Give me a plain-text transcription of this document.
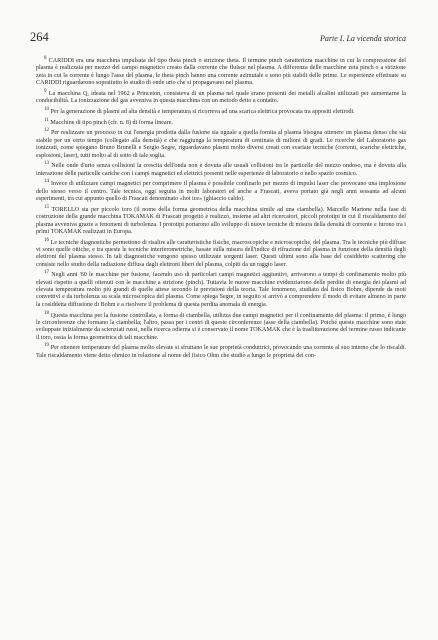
264	Parte I. La vicenda storica

$^8$ CARIDDI era una macchina impulsata del tipo theta pinch o strizione theta. Il termine pinch caratterizza macchine in cui la compressione del plasma è realizzata per mezzo del campo magnetico creato dalla corrente che fluisce nel plasma. A differenza delle macchine zeta pinch o a strizione zeta in cui la corrente è lungo l'asse del plasma, le theta pinch hanno una corrente azimutale e sono più stabili delle prime. Le esperienze effettuate su CARIDDI riguardarono soprattutto lo studio di onde urto che si propagavano nel plasma.

$^9$ La macchina Q, ideata nel 1962 a Princeton, consisteva di un plasma nel quale erano presenti dei metalli alcalini utilizzati per aumentarne la conducibilità. La ionizzazione del gas avveniva in questa macchina con un metodo detto a contatto.

$^{10}$ Per la generazione di plasmi ad alta densità e temperatura si ricorreva ad una scarica elettrica provocata tra appositi elettrodi.

$^{11}$ Macchine di tipo pinch (cfr. n. 8) di forma lineare.

$^{12}$ Per realizzare un processo in cui l'energia prodotta dalla fusione sia uguale a quella fornita al plasma bisogna ottenere un plasma denso che sia stabile per un certo tempo (collegato alla densità) e che raggiunga la temperatura di centinaia di milioni di gradi. Le ricerche del Laboratorio gas ionizzati, come spiegano Bruno Brunelli e Sergio Segre, riguardavano plasmi molto diversi creati con svariate tecniche (correnti, scariche elettriche, esplosioni, laser), tutti molto al di sotto di tale soglia.

$^{13}$ Nelle onde d'urto senza collisioni la crescita dell'onda non è dovuta alle usuali collisioni tra le particelle del mezzo ondoso, ma è dovuta alla interazione delle particelle cariche con i campi magnetici ed elettrici presenti nelle esperienze di laboratorio o nello spazio cosmico.

$^{14}$ Invece di utilizzare campi magnetici per comprimere il plasma è possibile confinarlo per mezzo di impulsi laser che provocano una implosione dello stesso verso il centro. Tale tecnica, oggi seguita in molti laboratori ed anche a Frascati, aveva portato già negli anni sessanta ad alcuni esperimenti, tra cui appunto quello di Frascati denominato «hot ice» (ghiaccio caldo).

$^{15}$ TORELLO sta per piccolo toro (il nome della forma geometrica della macchina simile ad una ciambella). Marcello Martone nella fase di costruzione della grande macchina TOKAMAK di Frascati progettò e realizzò, insieme ad altri ricercatori, piccoli prototipi in cui il riscaldamento del plasma avveniva grazie a fenomeni di turbolenza. I prototipi portarono allo sviluppo di nuove tecniche di misura della densità di corrente e furono tra i primi TOKAMAK realizzati in Europa.

$^{16}$ Le tecniche diagnostiche permettono di risalire alle caratteristiche fisiche, macroscopiche e microscopiche, del plasma. Tra le tecniche più diffuse vi sono quelle ottiche, e tra queste le tecniche interferometriche, basate sulla misura dell'indice di rifrazione del plasma in funzione della densità degli elettroni del plasma stesso. In tali diagnostiche vengono spesso utilizzate sorgenti laser. Questi ultimi sono alla base del cosiddetto scattering che consiste nello studio della radiazione diffusa dagli elettroni liberi del plasma, colpiti da un raggio laser.

$^{17}$ Negli anni '60 le macchine per fusione, facendo uso di particolari campi magnetici aggiuntivi, arrivarono a tempi di confinamento molto più elevati rispetto a quelli ottenuti con le macchine a strizione (pinch). Tuttavia le nuove macchine evidenziarono delle perdite di energia dei plasmi ad elevata temperatura molto più grandi di quelle attese secondo le previsioni della teoria. Tale fenomeno, studiato dal fisico Bohm, dipende da moti convettivi e da turbolenza su scala microscopica del plasma. Come spiega Segre, in seguito si arrivò a comprendere il modo di evitare almeno in parte la cosiddetta diffusione di Bohm e a risolvere il problema di questa perdita anomala di energia.

$^{18}$ Questa macchina per la fusione controllata, a forma di ciambella, utilizza due campi magnetici per il confinamento del plasma: il primo, è lungo le circonferenze che formano la ciambella; l'altro, passa per i centri di queste circonferenze (asse della ciambella). Poiché queste macchine sono state sviluppate inizialmente da scienziati russi, nella ricerca odierna si è conservato il nome TOKAMAK che è la traslitterazione del termine russo indicante il toro, ossia la forma geometrica di tali macchine.

$^{19}$ Per ottenere temperature del plasma molto elevate si sfruttano le sue proprietà conduttrici, provocando una corrente al suo interno che lo riscaldi. Tale riscaldamento viene detto ohmico in relazione al nome del fisico Ohm che studiò a lungo le proprietà dei con-
